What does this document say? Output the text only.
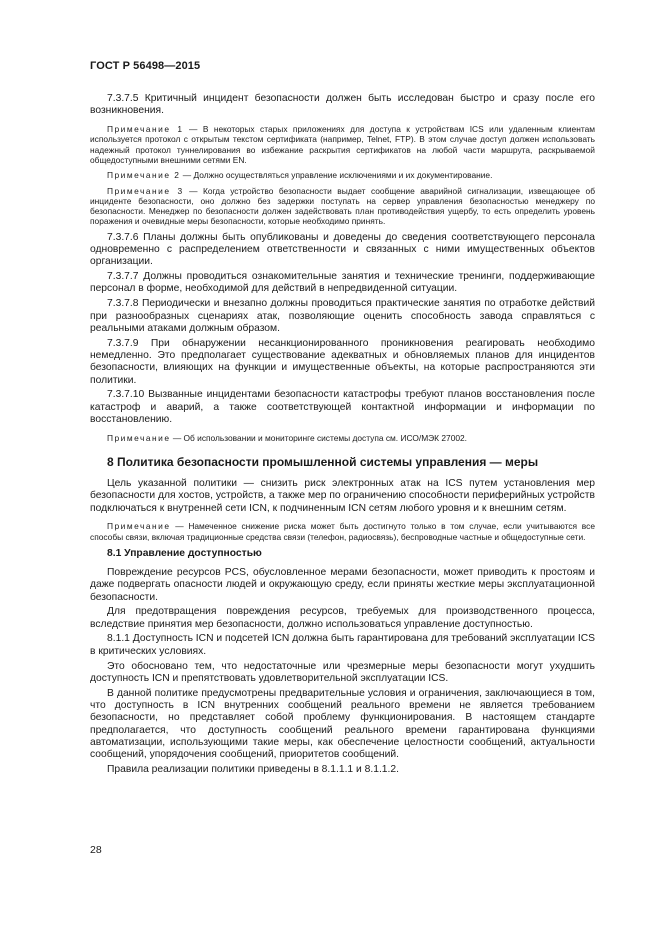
ГОСТ Р 56498—2015

7.3.7.5 Критичный инцидент безопасности должен быть исследован быстро и сразу после его возникновения.

Примечание 1 — В некоторых старых приложениях для доступа к устройствам ICS или удаленным клиентам используется протокол с открытым текстом сертификата (например, Telnet, FTP). В этом случае доступ должен использовать надежный протокол туннелирования во избежание раскрытия сертификатов на любой части маршрута, раскрываемой общедоступными внешними сетями EN.

Примечание 2 — Должно осуществляться управление исключениями и их документирование.

Примечание 3 — Когда устройство безопасности выдает сообщение аварийной сигнализации, извещающее об инциденте безопасности, оно должно без задержки поступать на сервер управления безопасностью менеджеру по безопасности. Менеджер по безопасности должен задействовать план противодействия ущербу, то есть определить уровень поражения и очевидные меры безопасности, которые необходимо принять.

7.3.7.6 Планы должны быть опубликованы и доведены до сведения соответствующего персонала одновременно с распределением ответственности и связанных с ними имущественных объектов организации.

7.3.7.7 Должны проводиться ознакомительные занятия и технические тренинги, поддерживающие персонал в форме, необходимой для действий в непредвиденной ситуации.

7.3.7.8 Периодически и внезапно должны проводиться практические занятия по отработке действий при разнообразных сценариях атак, позволяющие оценить способность завода справляться с реальными атаками должным образом.

7.3.7.9 При обнаружении несанкционированного проникновения реагировать необходимо немедленно. Это предполагает существование адекватных и обновляемых планов для инцидентов безопасности, влияющих на функции и имущественные объекты, на которые распространяются эти политики.

7.3.7.10 Вызванные инцидентами безопасности катастрофы требуют планов восстановления после катастроф и аварий, а также соответствующей контактной информации и информации по восстановлению.

Примечание — Об использовании и мониторинге системы доступа см. ИСО/МЭК 27002.

8 Политика безопасности промышленной системы управления — меры

Цель указанной политики — снизить риск электронных атак на ICS путем установления мер безопасности для хостов, устройств, а также мер по ограничению способности периферийных устройств подключаться к внутренней сети ICN, к подчиненным ICN сетям любого уровня и к внешним сетям.

Примечание — Намеченное снижение риска может быть достигнуто только в том случае, если учитываются все способы связи, включая традиционные средства связи (телефон, радиосвязь), беспроводные частные и общедоступные сети.

8.1 Управление доступностью

Повреждение ресурсов PCS, обусловленное мерами безопасности, может приводить к простоям и даже подвергать опасности людей и окружающую среду, если приняты жесткие меры эксплуатационной безопасности.

Для предотвращения повреждения ресурсов, требуемых для производственного процесса, вследствие принятия мер безопасности, должно использоваться управление доступностью.

8.1.1 Доступность ICN и подсетей ICN должна быть гарантирована для требований эксплуатации ICS в критических условиях.

Это обосновано тем, что недостаточные или чрезмерные меры безопасности могут ухудшить доступность ICN и препятствовать удовлетворительной эксплуатации ICS.

В данной политике предусмотрены предварительные условия и ограничения, заключающиеся в том, что доступность в ICN внутренних сообщений реального времени не является требованием безопасности, но представляет собой проблему функционирования. В настоящем стандарте предполагается, что доступность сообщений реального времени гарантирована функциями автоматизации, использующими такие меры, как обеспечение целостности сообщений, актуальности сообщений, упорядочения сообщений, приоритетов сообщений.

Правила реализации политики приведены в 8.1.1.1 и 8.1.1.2.

28
